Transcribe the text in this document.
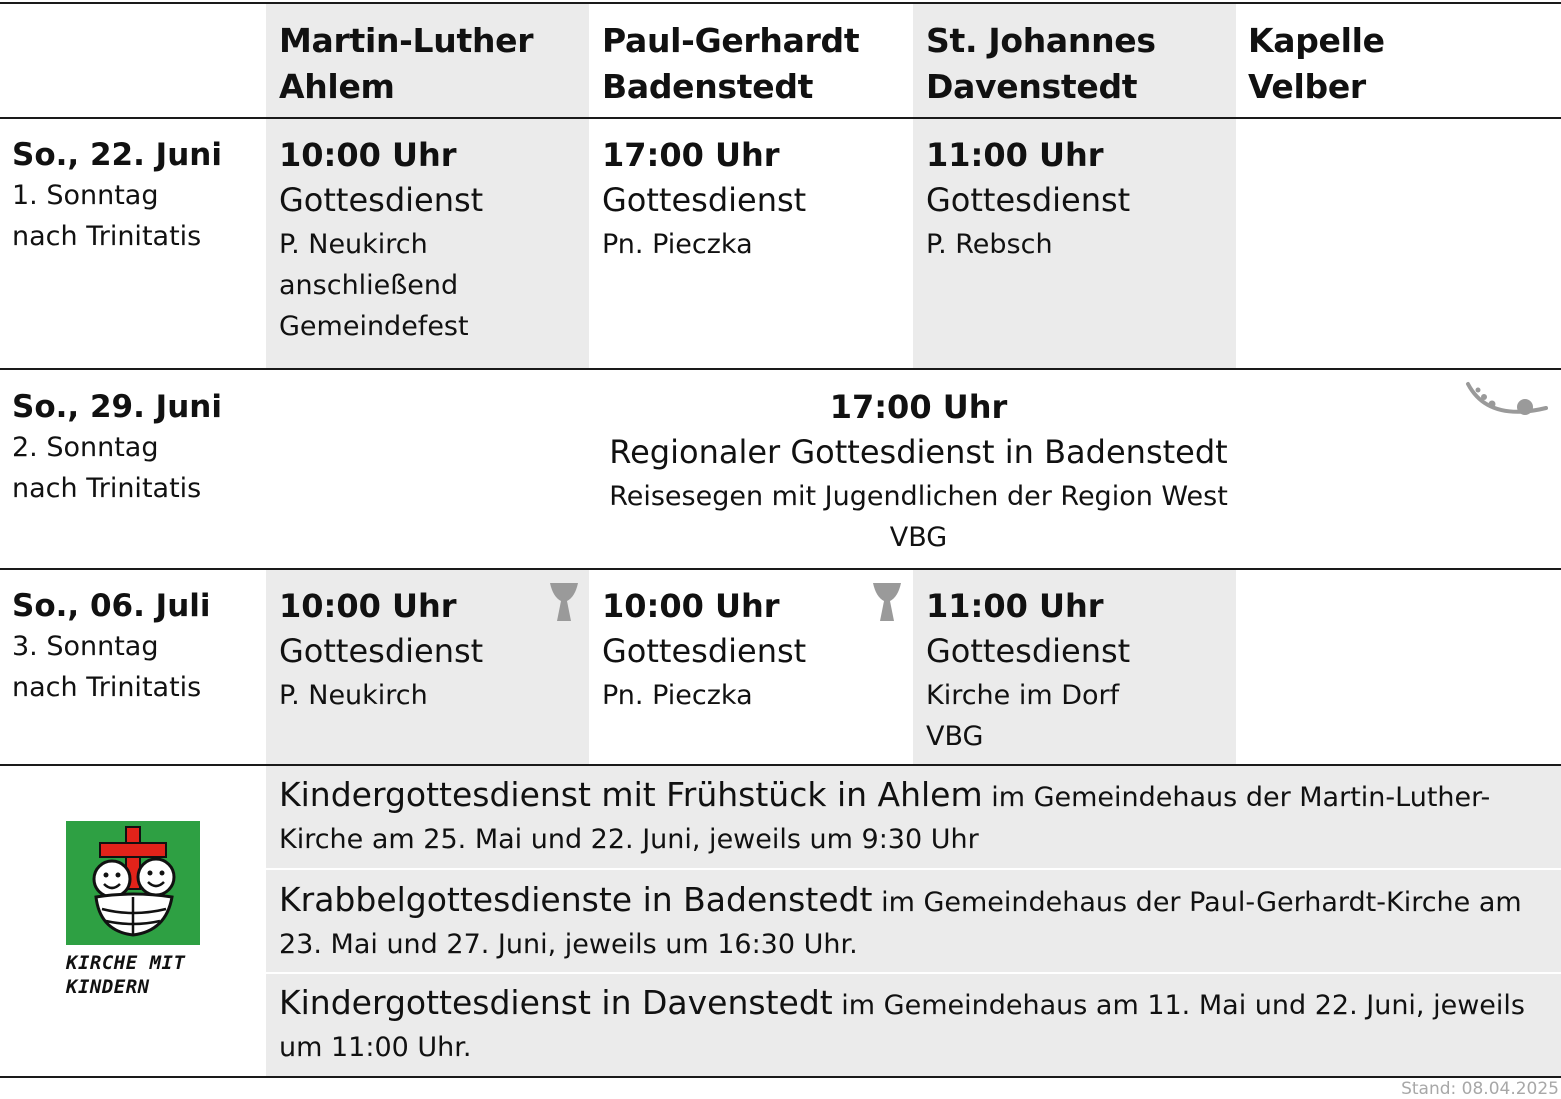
Martin-Luther
Ahlem
Paul-Gerhardt
Badenstedt
St. Johannes
Davenstedt
Kapelle
Velber
So., 22. Juni
1. Sonntag
nach Trinitatis
10:00 Uhr
Gottesdienst
P. Neukirch
anschließend
Gemeindefest
17:00 Uhr
Gottesdienst
Pn. Pieczka
11:00 Uhr
Gottesdienst
P. Rebsch
So., 29. Juni
2. Sonntag
nach Trinitatis
17:00 Uhr
Regionaler Gottesdienst in Badenstedt
Reisesegen mit Jugendlichen der Region West
VBG
So., 06. Juli
3. Sonntag
nach Trinitatis
10:00 Uhr
Gottesdienst
P. Neukirch
10:00 Uhr
Gottesdienst
Pn. Pieczka
11:00 Uhr
Gottesdienst
Kirche im Dorf
VBG
KIRCHE MIT
KINDERN
Kindergottesdienst mit Frühstück in Ahlem im Gemeindehaus der Martin-Luther-
Kirche am 25. Mai und 22. Juni, jeweils um 9:30 Uhr
Krabbelgottesdienste in Badenstedt im Gemeindehaus der Paul-Gerhardt-Kirche am
23. Mai und 27. Juni, jeweils um 16:30 Uhr.
Kindergottesdienst in Davenstedt im Gemeindehaus am 11. Mai und 22. Juni, jeweils
um 11:00 Uhr.
Stand: 08.04.2025
